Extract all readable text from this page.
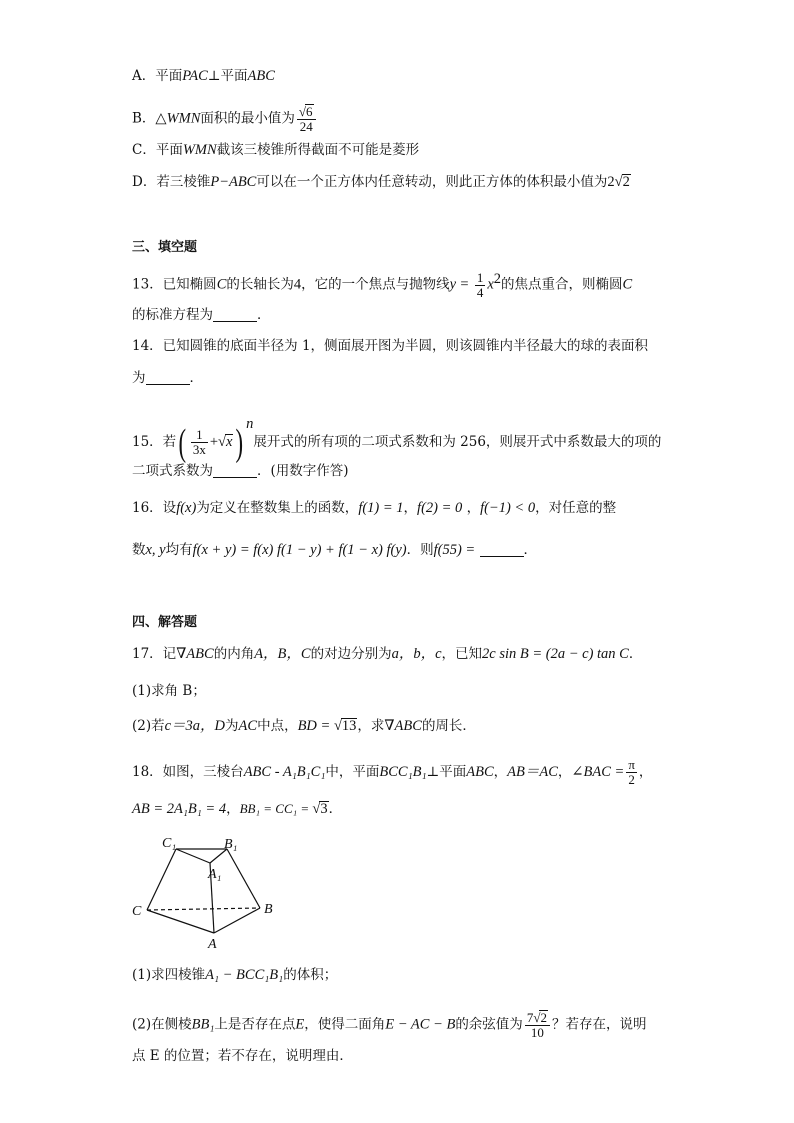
A．平面PAC⊥平面ABC
B．△WMN面积的最小值为 $\frac{√6}{24}$
C．平面WMN截该三棱锥所得截面不可能是菱形
D．若三棱锥P−ABC可以在一个正方体内任意转动，则此正方体的体积最小值为2√2
三、填空题
13．已知椭圆C的长轴长为4，它的一个焦点与抛物线$y = \frac{1}{4} x^2$的焦点重合，则椭圆C
的标准方程为	．
14．已知圆锥的底面半径为 1，侧面展开图为半圆，则该圆锥内半径最大的球的表面积
为	．
15．若( $\frac{1}{3x} +√x$) $^n$展开式的所有项的二项式系数和为 256，则展开式中系数最大的项的
二项式系数为	．(用数字作答)
16．设f(x)为定义在整数集上的函数，f(1) = 1，f(2) = 0 ，f(−1) < 0，对任意的整
数x, y均有f(x + y) = f(x) f(1 − y) + f(1 − x) f(y)．则f(55) =	．
四、解答题
17．记∇ABC的内角A，B，C的对边分别为a，b，c，已知2c sin B = (2a − c) tan C．
(1)求角 B；
(2)若c＝3a，D为AC中点，BD = √13，求∇ABC的周长．
18．如图，三棱台ABC - A₁B₁C₁中，平面BCC₁B₁⊥平面ABC，AB＝AC，∠BAC = $\frac{\pi}{2}$ ，
AB = 2A₁B₁ = 4，BB₁ = CC₁ = √3．
C₁	B₁
A₁
C	B
A
(1)求四棱锥A₁ − BCC₁B₁的体积；
(2)在侧棱BB₁上是否存在点E，使得二面角E − AC − B的余弦值为 $\frac{7√2}{10}$ ？若存在，说明
点 E 的位置；若不存在，说明理由．
